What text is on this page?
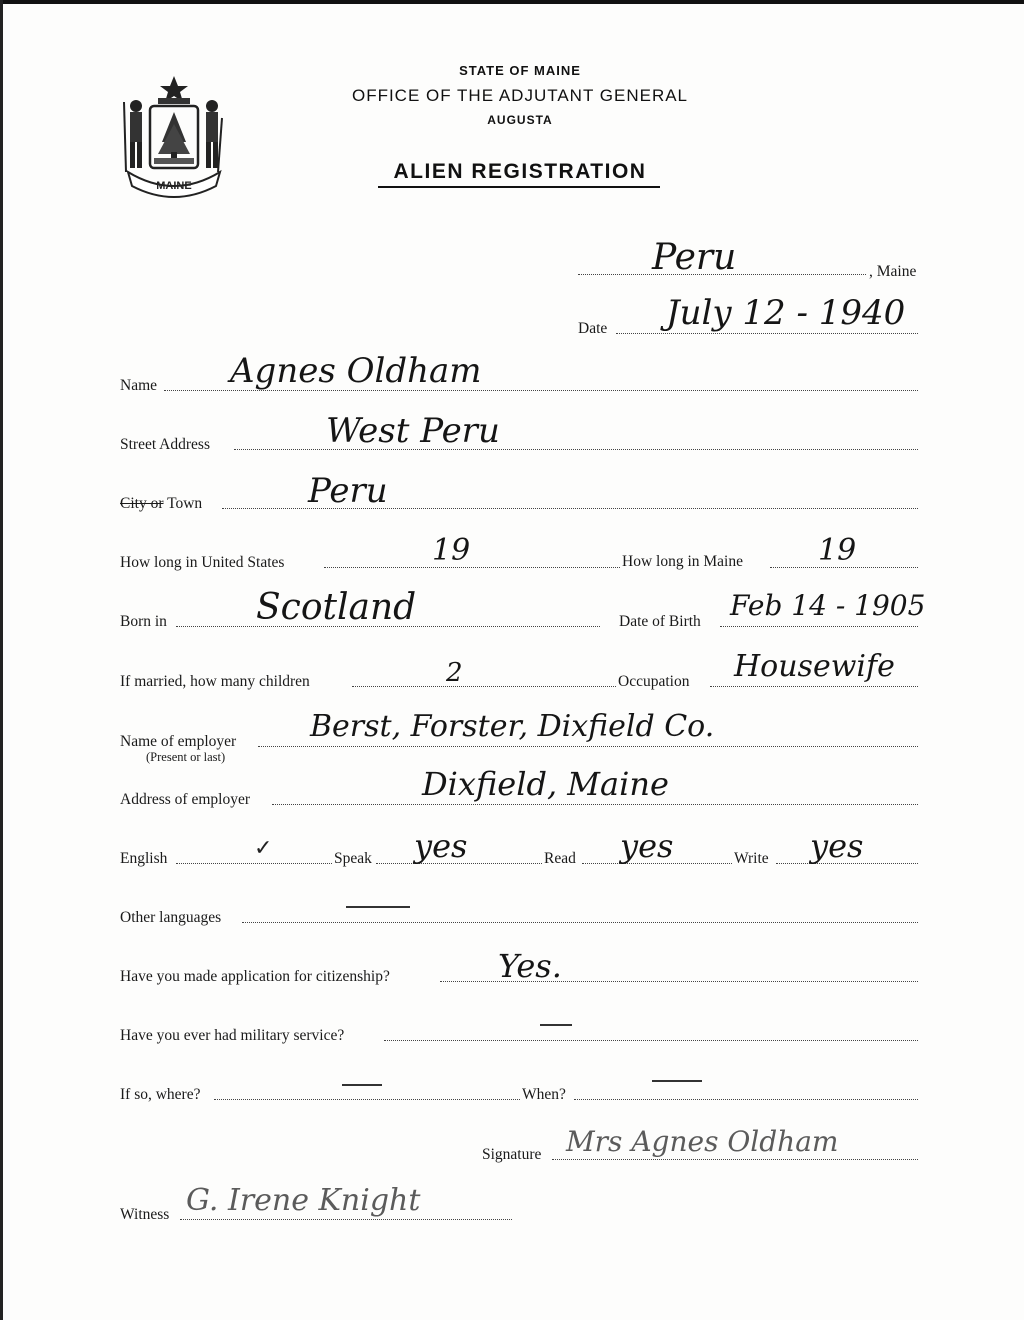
MAINE
STATE OF MAINE
OFFICE OF THE ADJUTANT GENERAL
AUGUSTA
ALIEN REGISTRATION
Peru	, Maine
Date July 12 - 1940
Name Agnes Oldham
Street Address	West Peru
City or Town	Peru
How long in United States	19	How long in Maine	19
Born in Scotland	Date of Birth Feb 14 - 1905
If married, how many children	2	Occupation Housewife
Name of employer
(Present or last)
Berst, Forster, Dixfield Co.
Address of employer	Dixfield, Maine
English	✓	Speak yes	Read yes	Write yes
Other languages
Have you made application for citizenship?	Yes.
Have you ever had military service?
If so, where?	When?
Signature Mrs Agnes Oldham
Witness G. Irene Knight
